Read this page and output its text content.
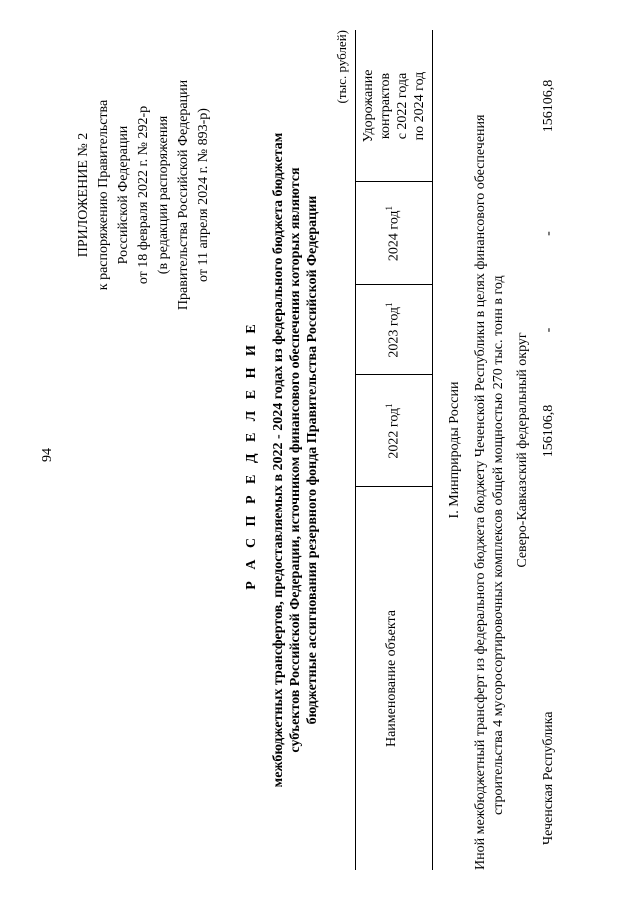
94
ПРИЛОЖЕНИЕ № 2 к распоряжению Правительства Российской Федерации от 18 февраля 2022 г. № 292-р (в редакции распоряжения Правительства Российской Федерации от 11 апреля 2024 г. № 893-р)
Р А С П Р Е Д Е Л Е Н И Е межбюджетных трансфертов, предоставляемых в 2022 - 2024 годах из федерального бюджета бюджетам субъектов Российской Федерации, источником финансового обеспечения которых являются бюджетные ассигнования резервного фонда Правительства Российской Федерации
(тыс. рублей)
Наименование объекта
2022 год$^1$
2023 год$^1$
2024 год$^1$
Удорожание контрактов с 2022 года по 2024 год
I. Минприроды России Иной межбюджетный трансферт из федерального бюджета бюджету Чеченской Республики в целях финансового обеспечения строительства 4 мусоросортировочных комплексов общей мощностью 270 тыс. тонн в год Северо-Кавказский федеральный округ
Чеченская Республика
156106,8
-
-
156106,8
